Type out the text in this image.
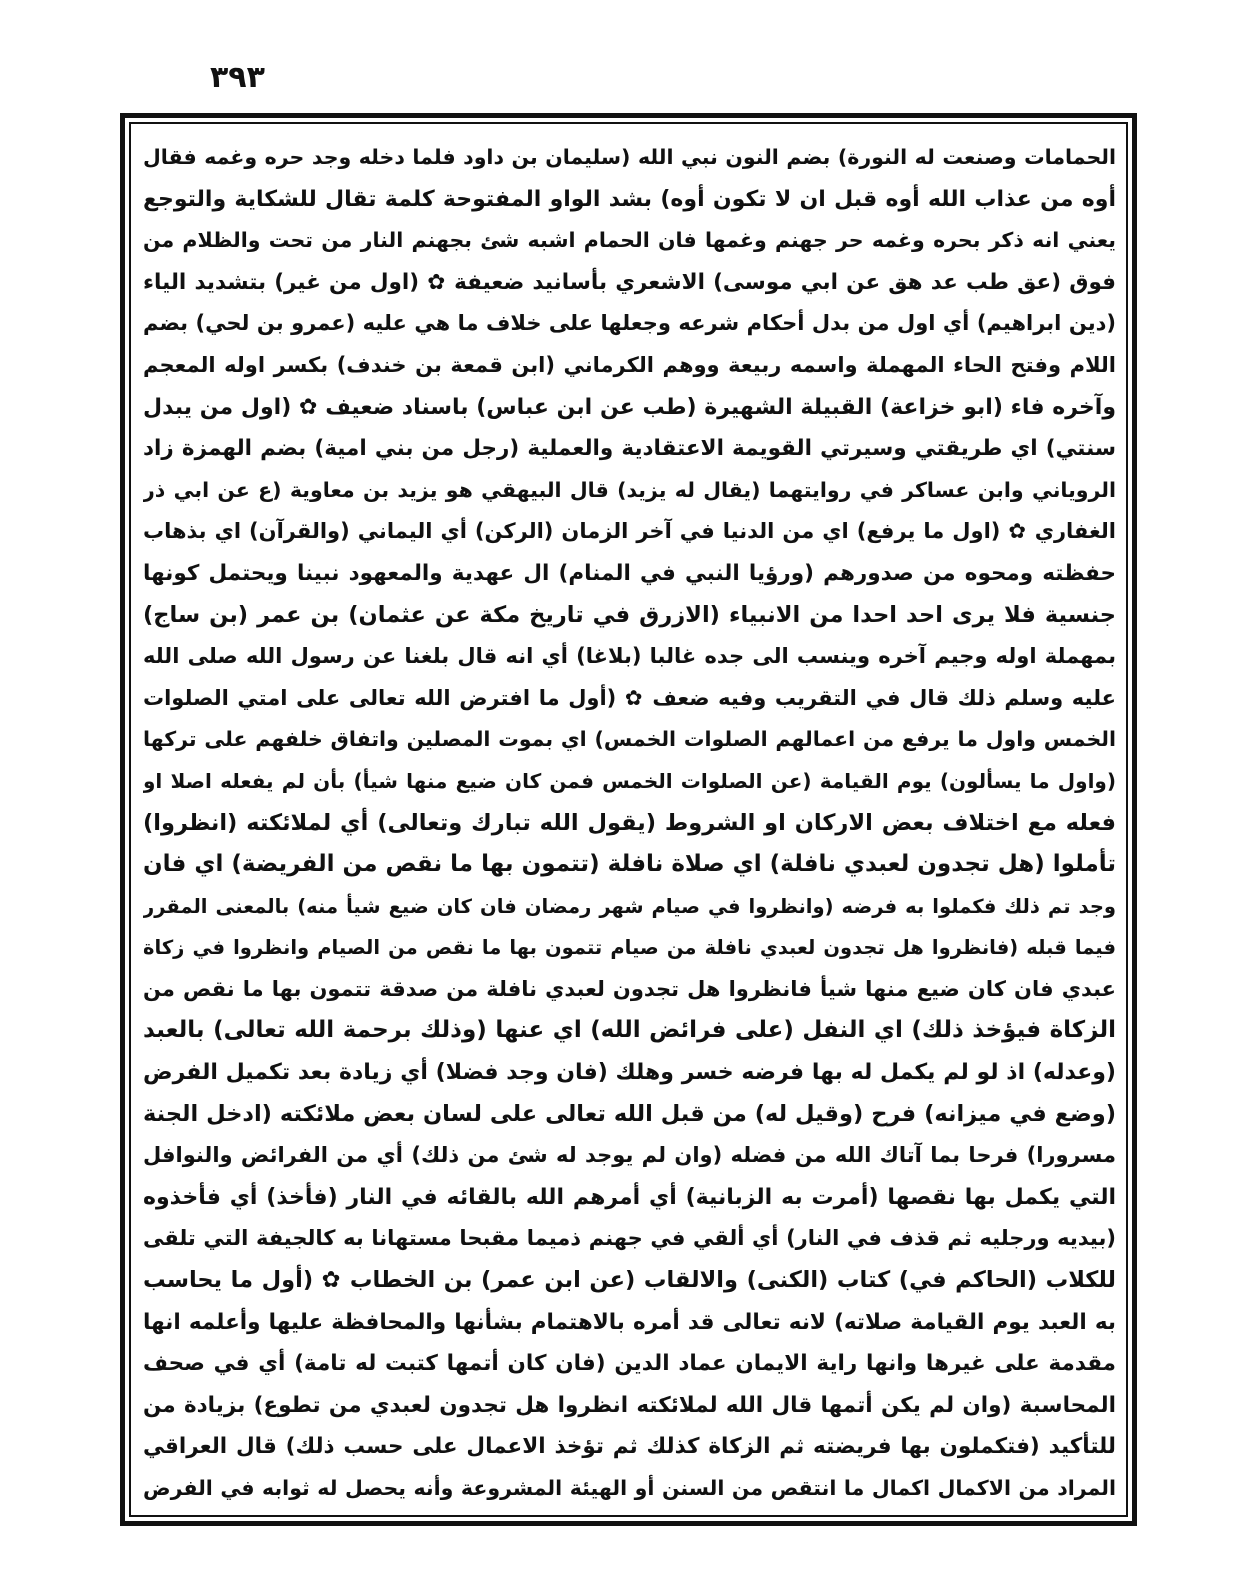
٣٩٣
الحمامات وصنعت له النورة) بضم النون نبي الله (سليمان بن داود فلما دخله وجد حره وغمه فقال
أوه من عذاب الله أوه قبل ان لا تكون أوه) بشد الواو المفتوحة كلمة تقال للشكاية والتوجع
يعني انه ذكر بحره وغمه حر جهنم وغمها فان الحمام اشبه شئ بجهنم النار من تحت والظلام من
فوق (عق طب عد هق عن ابي موسى) الاشعري بأسانيد ضعيفة ✿ (اول من غير) بتشديد الياء
(دين ابراهيم) أي اول من بدل أحكام شرعه وجعلها على خلاف ما هي عليه (عمرو بن لحي) بضم
اللام وفتح الحاء المهملة واسمه ربيعة ووهم الكرماني (ابن قمعة بن خندف) بكسر اوله المعجم
وآخره فاء (ابو خزاعة) القبيلة الشهيرة (طب عن ابن عباس) باسناد ضعيف ✿ (اول من يبدل
سنتي) اي طريقتي وسيرتي القويمة الاعتقادية والعملية (رجل من بني امية) بضم الهمزة زاد
الروياني وابن عساكر في روايتهما (يقال له يزيد) قال البيهقي هو يزيد بن معاوية (ع عن ابي ذر
الغفاري ✿ (اول ما يرفع) اي من الدنيا في آخر الزمان (الركن) أي اليماني (والقرآن) اي بذهاب
حفظته ومحوه من صدورهم (ورؤيا النبي في المنام) ال عهدية والمعهود نبينا ويحتمل كونها
جنسية فلا يرى احد احدا من الانبياء (الازرق في تاريخ مكة عن عثمان) بن عمر (بن ساج)
بمهملة اوله وجيم آخره وينسب الى جده غالبا (بلاغا) أي انه قال بلغنا عن رسول الله صلى الله
عليه وسلم ذلك قال في التقريب وفيه ضعف ✿ (أول ما افترض الله تعالى على امتي الصلوات
الخمس واول ما يرفع من اعمالهم الصلوات الخمس) اي بموت المصلين واتفاق خلفهم على تركها
(واول ما يسألون) يوم القيامة (عن الصلوات الخمس فمن كان ضيع منها شيأ) بأن لم يفعله اصلا او
فعله مع اختلاف بعض الاركان او الشروط (يقول الله تبارك وتعالى) أي لملائكته (انظروا)
تأملوا (هل تجدون لعبدي نافلة) اي صلاة نافلة (تتمون بها ما نقص من الفريضة) اي فان
وجد تم ذلك فكملوا به فرضه (وانظروا في صيام شهر رمضان فان كان ضيع شيأ منه) بالمعنى المقرر
فيما قبله (فانظروا هل تجدون لعبدي نافلة من صيام تتمون بها ما نقص من الصيام وانظروا في زكاة
عبدي فان كان ضيع منها شيأ فانظروا هل تجدون لعبدي نافلة من صدقة تتمون بها ما نقص من
الزكاة فيؤخذ ذلك) اي النفل (على فرائض الله) اي عنها (وذلك برحمة الله تعالى) بالعبد
(وعدله) اذ لو لم يكمل له بها فرضه خسر وهلك (فان وجد فضلا) أي زيادة بعد تكميل الفرض
(وضع في ميزانه) فرح (وقيل له) من قبل الله تعالى على لسان بعض ملائكته (ادخل الجنة
مسرورا) فرحا بما آتاك الله من فضله (وان لم يوجد له شئ من ذلك) أي من الفرائض والنوافل
التي يكمل بها نقصها (أمرت به الزبانية) أي أمرهم الله بالقائه في النار (فأخذ) أي فأخذوه
(بيديه ورجليه ثم قذف في النار) أي ألقي في جهنم ذميما مقبحا مستهانا به كالجيفة التي تلقى
للكلاب (الحاكم في) كتاب (الكنى) والالقاب (عن ابن عمر) بن الخطاب ✿ (أول ما يحاسب
به العبد يوم القيامة صلاته) لانه تعالى قد أمره بالاهتمام بشأنها والمحافظة عليها وأعلمه انها
مقدمة على غيرها وانها راية الايمان عماد الدين (فان كان أتمها كتبت له تامة) أي في صحف
المحاسبة (وان لم يكن أتمها قال الله لملائكته انظروا هل تجدون لعبدي من تطوع) بزيادة من
للتأكيد (فتكملون بها فريضته ثم الزكاة كذلك ثم تؤخذ الاعمال على حسب ذلك) قال العراقي
المراد من الاكمال اكمال ما انتقص من السنن أو الهيئة المشروعة وأنه يحصل له ثوابه في الفرض
